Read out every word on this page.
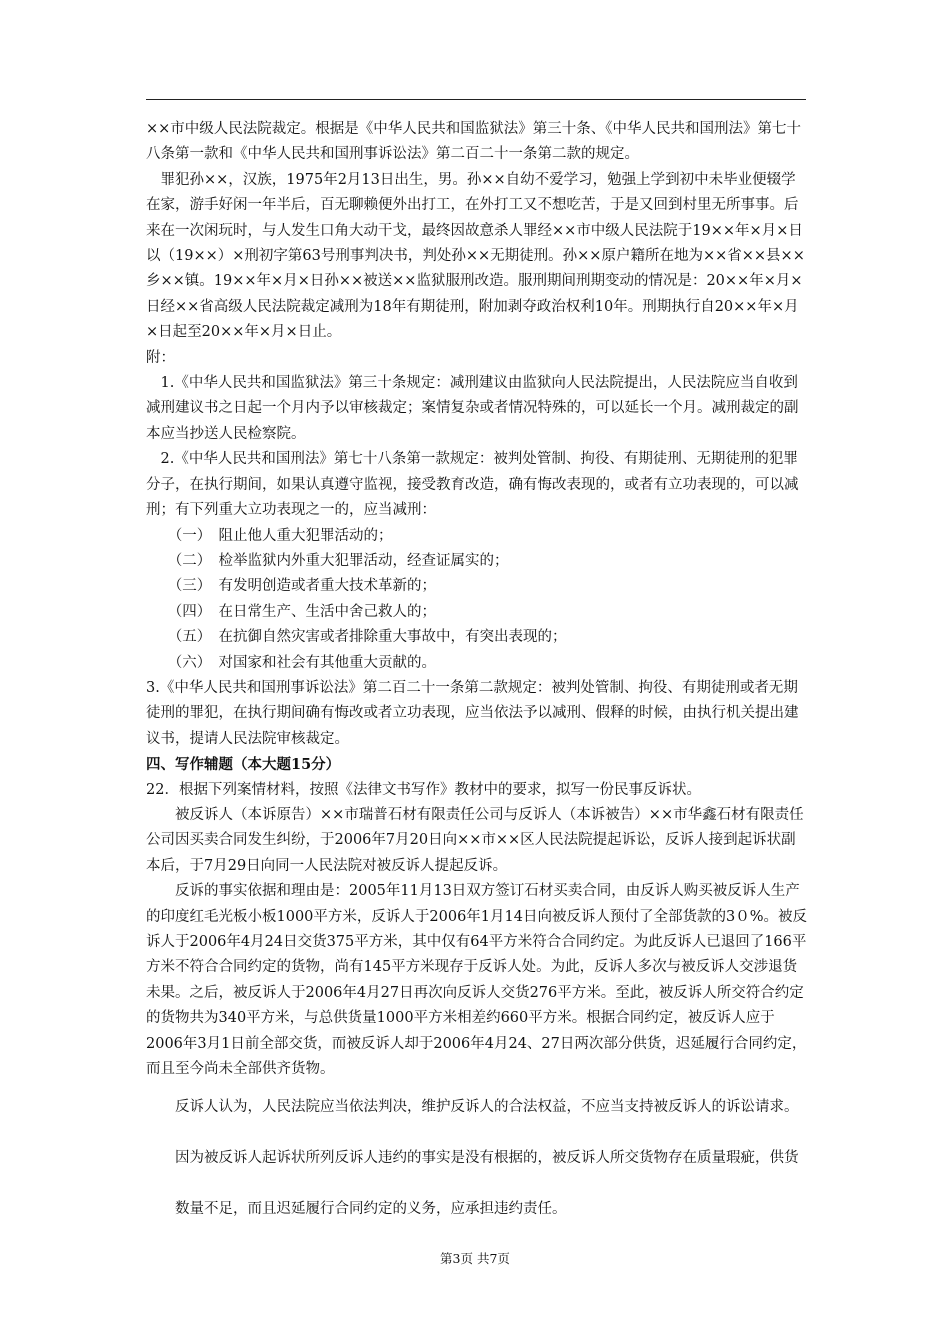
××市中级人民法院裁定。根据是《中华人民共和国监狱法》第三十条、《中华人民共和国刑法》第七十八条第一款和《中华人民共和国刑事诉讼法》第二百二十一条第二款的规定。

罪犯孙××，汉族，1975年2月13日出生，男。孙××自幼不爱学习，勉强上学到初中未毕业便辍学在家，游手好闲一年半后，百无聊赖便外出打工，在外打工又不想吃苦，于是又回到村里无所事事。后来在一次闲玩时，与人发生口角大动干戈，最终因故意杀人罪经××市中级人民法院于19××年×月×日以（19××）×刑初字第63号刑事判决书，判处孙××无期徒刑。孙××原户籍所在地为××省××县××乡××镇。19××年×月×日孙××被送××监狱服刑改造。服刑期间刑期变动的情况是：20××年×月×日经××省高级人民法院裁定减刑为18年有期徒刑，附加剥夺政治权利10年。刑期执行自20××年×月×日起至20××年×月×日止。

附：

1.《中华人民共和国监狱法》第三十条规定：减刑建议由监狱向人民法院提出，人民法院应当自收到减刑建议书之日起一个月内予以审核裁定；案情复杂或者情况特殊的，可以延长一个月。减刑裁定的副本应当抄送人民检察院。

2.《中华人民共和国刑法》第七十八条第一款规定：被判处管制、拘役、有期徒刑、无期徒刑的犯罪分子，在执行期间，如果认真遵守监视，接受教育改造，确有悔改表现的，或者有立功表现的，可以减刑；有下列重大立功表现之一的，应当减刑：

（一） 阻止他人重大犯罪活动的；

（二） 检举监狱内外重大犯罪活动，经查证属实的；

（三） 有发明创造或者重大技术革新的；

（四） 在日常生产、生活中舍己救人的；

（五） 在抗御自然灾害或者排除重大事故中，有突出表现的；

（六） 对国家和社会有其他重大贡献的。

3.《中华人民共和国刑事诉讼法》第二百二十一条第二款规定：被判处管制、拘役、有期徒刑或者无期徒刑的罪犯，在执行期间确有悔改或者立功表现，应当依法予以减刑、假释的时候，由执行机关提出建议书，提请人民法院审核裁定。

四、写作辅题（本大题15分）

22．根据下列案情材料，按照《法律文书写作》教材中的要求，拟写一份民事反诉状。

被反诉人（本诉原告）××市瑞普石材有限责任公司与反诉人（本诉被告）××市华鑫石材有限责任公司因买卖合同发生纠纷，于2006年7月20日向××市××区人民法院提起诉讼，反诉人接到起诉状副本后，于7月29日向同一人民法院对被反诉人提起反诉。

反诉的事实依据和理由是：2005年11月13日双方签订石材买卖合同，由反诉人购买被反诉人生产的印度红毛光板小板1000平方米，反诉人于2006年1月14日向被反诉人预付了全部货款的3０%。被反诉人于2006年4月24日交货375平方米，其中仅有64平方米符合合同约定。为此反诉人已退回了166平方米不符合合同约定的货物，尚有145平方米现存于反诉人处。为此，反诉人多次与被反诉人交涉退货未果。之后，被反诉人于2006年4月27日再次向反诉人交货276平方米。至此，被反诉人所交符合约定的货物共为340平方米，与总供货量1000平方米相差约660平方米。根据合同约定，被反诉人应于2006年3月1日前全部交货，而被反诉人却于2006年4月24、27日两次部分供货，迟延履行合同约定，而且至今尚未全部供齐货物。

反诉人认为，人民法院应当依法判决，维护反诉人的合法权益，不应当支持被反诉人的诉讼请求。因为被反诉人起诉状所列反诉人违约的事实是没有根据的，被反诉人所交货物存在质量瑕疵，供货数量不足，而且迟延履行合同约定的义务，应承担违约责任。

第3页 共7页
